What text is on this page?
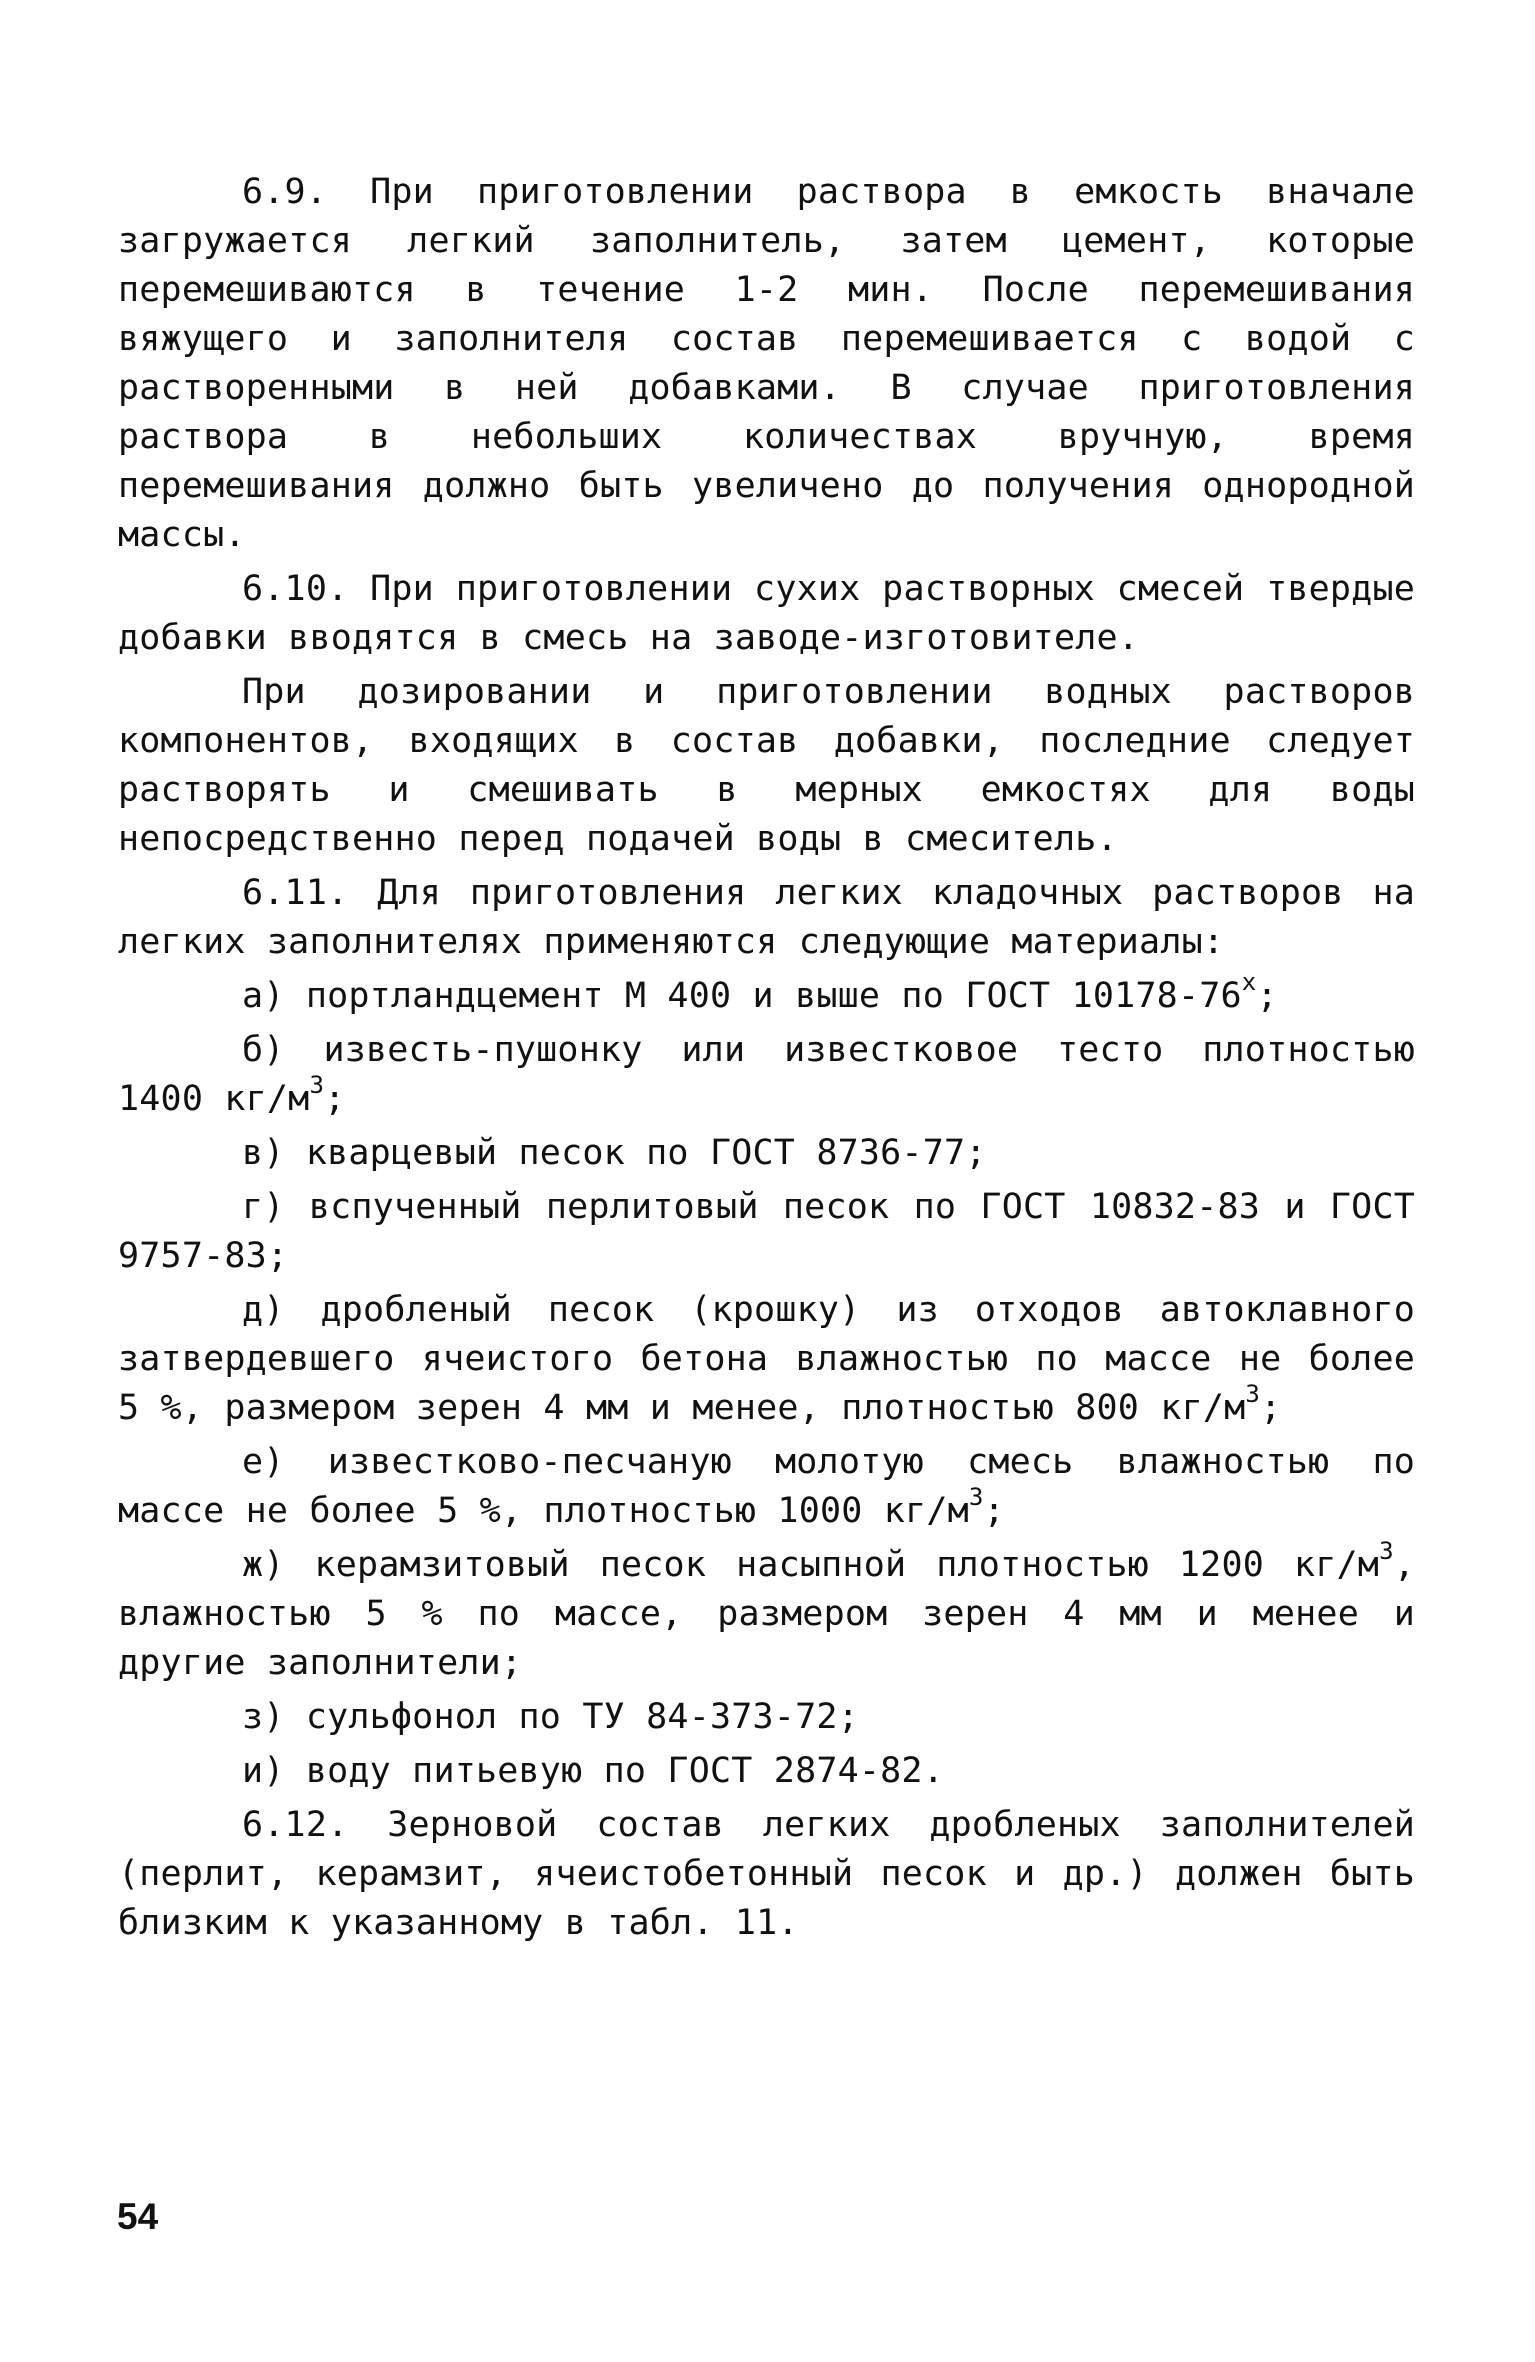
6.9. При приготовлении раствора в емкость вначале загружается легкий заполнитель, затем цемент, которые перемешиваются в течение 1-2 мин. После перемешивания вяжущего и заполнителя состав перемешивается с водой с растворенными в ней добавками. В случае приготовления раствора в небольших количествах вручную, время перемешивания должно быть увеличено до получения однородной массы.

6.10. При приготовлении сухих растворных смесей твердые добавки вводятся в смесь на заводе-изготовителе.

При дозировании и приготовлении водных растворов компонентов, входящих в состав добавки, последние следует растворять и смешивать в мерных емкостях для воды непосредственно перед подачей воды в смеситель.

6.11. Для приготовления легких кладочных растворов на легких заполнителях применяются следующие материалы:

а) портландцемент М 400 и выше по ГОСТ $10178-76^х$;

б) известь-пушонку или известковое тесто плотностью 1400 $кг/м^3$;

в) кварцевый песок по ГОСТ 8736-77;

г) вспученный перлитовый песок по ГОСТ 10832-83 и ГОСТ 9757-83;

д) дробленый песок (крошку) из отходов автоклавного затвердевшего ячеистого бетона влажностью по массе не более 5 %, размером зерен 4 мм и менее, плотностью 800 $кг/м^3$;

е) известково-песчаную молотую смесь влажностью по массе не более 5 %, плотностью 1000 $кг/м^3$;

ж) керамзитовый песок насыпной плотностью 1200 $кг/м^3$, влажностью 5 % по массе, размером зерен 4 мм и менее и другие заполнители;

з) сульфонол по ТУ 84-373-72;

и) воду питьевую по ГОСТ 2874-82.

6.12. Зерновой состав легких дробленых заполнителей (перлит, керамзит, ячеистобетонный песок и др.) должен быть близким к указанному в табл. 11.

54
